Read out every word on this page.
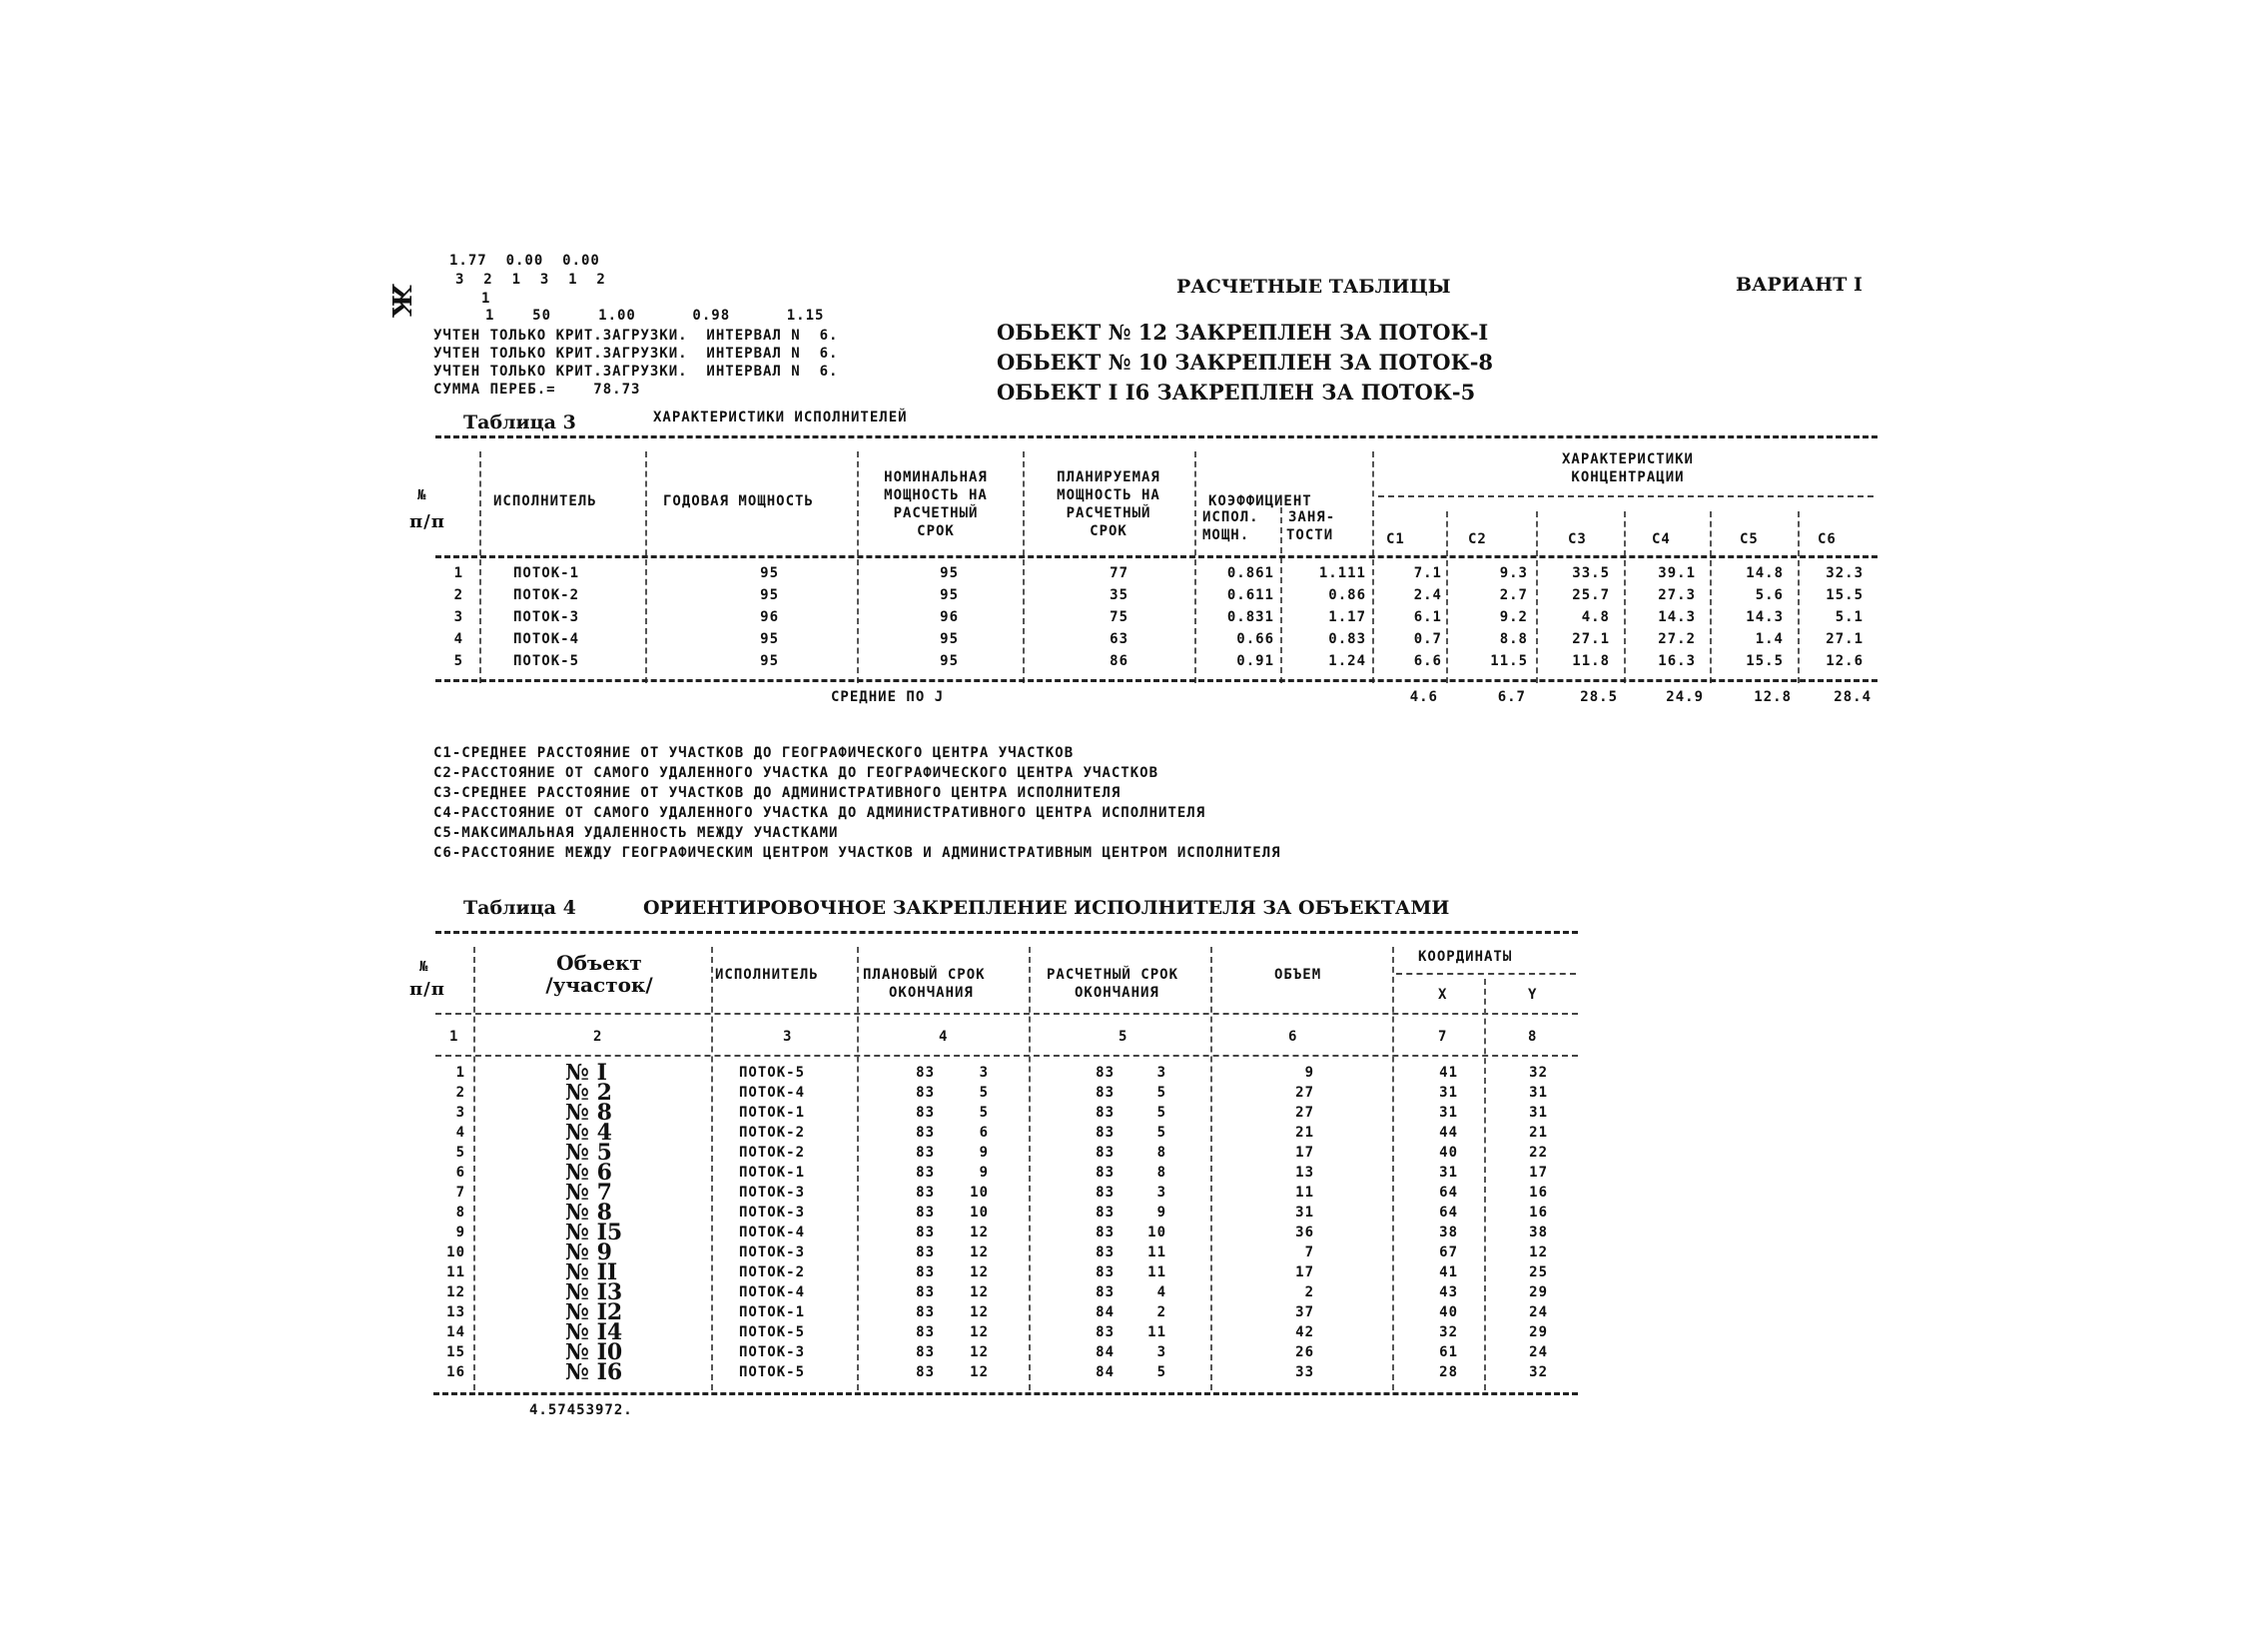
Ж
1.77  0.00  0.00
3  2  1  3  1  2
1
1    50     1.00      0.98      1.15
УЧТЕН ТОЛЬКО КРИТ.ЗАГРУЗКИ.  ИНТЕРВАЛ N  6.
УЧТЕН ТОЛЬКО КРИТ.ЗАГРУЗКИ.  ИНТЕРВАЛ N  6.
УЧТЕН ТОЛЬКО КРИТ.ЗАГРУЗКИ.  ИНТЕРВАЛ N  6.
СУММА ПЕРЕБ.=    78.73
РАСЧЕТНЫЕ ТАБЛИЦЫ	ВАРИАНТ I
ОБЬЕКТ № 12 ЗАКРЕПЛЕН ЗА ПОТОК-I
ОБЬЕКТ № 10 ЗАКРЕПЛЕН ЗА ПОТОК-8
ОБЬЕКТ I I6 ЗАКРЕПЛЕН ЗА ПОТОК-5
Таблица 3	ХАРАКТЕРИСТИКИ ИСПОЛНИТЕЛЕЙ
№
п/п
ИСПОЛНИТЕЛЬ	ГОДОВАЯ МОЩНОСТЬ
НОМИНАЛЬНАЯ
МОЩНОСТЬ НА
РАСЧЕТНЫЙ
СРОК
ПЛАНИРУЕМАЯ
МОЩНОСТЬ НА
РАСЧЕТНЫЙ
СРОК
КОЭФФИЦИЕНТ
ИСПОЛ. ЗАНЯ-
МОЩН.	ТОСТИ
ХАРАКТЕРИСТИКИ
КОНЦЕНТРАЦИИ
C1	C2	C3	C4	C5	C6
1	ПОТОК-1	95	95	77	0.861	1.111	7.1	9.3	33.5	39.1	14.8	32.3
2	ПОТОК-2	95	95	35	0.611	0.86	2.4	2.7	25.7	27.3	5.6	15.5
3	ПОТОК-3	96	96	75	0.831	1.17	6.1	9.2	4.8	14.3	14.3	5.1
4	ПОТОК-4	95	95	63	0.66	0.83	0.7	8.8	27.1	27.2	1.4	27.1
5	ПОТОК-5	95	95	86	0.91	1.24	6.6	11.5	11.8	16.3	15.5	12.6
СРЕДНИЕ ПО J	4.6	6.7	28.5	24.9	12.8	28.4
C1-СРЕДНЕЕ РАССТОЯНИЕ ОТ УЧАСТКОВ ДО ГЕОГРАФИЧЕСКОГО ЦЕНТРА УЧАСТКОВ
C2-РАССТОЯНИЕ ОТ САМОГО УДАЛЕННОГО УЧАСТКА ДО ГЕОГРАФИЧЕСКОГО ЦЕНТРА УЧАСТКОВ
C3-СРЕДНЕЕ РАССТОЯНИЕ ОТ УЧАСТКОВ ДО АДМИНИСТРАТИВНОГО ЦЕНТРА ИСПОЛНИТЕЛЯ
C4-РАССТОЯНИЕ ОТ САМОГО УДАЛЕННОГО УЧАСТКА ДО АДМИНИСТРАТИВНОГО ЦЕНТРА ИСПОЛНИТЕЛЯ
C5-МАКСИМАЛЬНАЯ УДАЛЕННОСТЬ МЕЖДУ УЧАСТКАМИ
C6-РАССТОЯНИЕ МЕЖДУ ГЕОГРАФИЧЕСКИМ ЦЕНТРОМ УЧАСТКОВ И АДМИНИСТРАТИВНЫМ ЦЕНТРОМ ИСПОЛНИТЕЛЯ
Таблица 4	ОРИЕНТИРОВОЧНОЕ ЗАКРЕПЛЕНИЕ ИСПОЛНИТЕЛЯ ЗА ОБЪЕКТАМИ
№
п/п
Объект
/участок/	ИСПОЛНИТЕЛЬ	ПЛАНОВЫЙ СРОК
ОКОНЧАНИЯ
РАСЧЕТНЫЙ СРОК
ОКОНЧАНИЯ
ОБЪЕМ
КООРДИНАТЫ
X	Y
1	2	3	4	5	6	7	8
1	№ I	ПОТОК-5	83	3	83	3	9	41	32
2	№ 2	ПОТОК-4	83	5	83	5	27	31	31
3	№ 8	ПОТОК-1	83	5	83	5	27	31	31
4	№ 4	ПОТОК-2	83	6	83	5	21	44	21
5	№ 5	ПОТОК-2	83	9	83	8	17	40	22
6	№ 6	ПОТОК-1	83	9	83	8	13	31	17
7	№ 7	ПОТОК-3	83	10	83	3	11	64	16
8	№ 8	ПОТОК-3	83	10	83	9	31	64	16
9	№ I5	ПОТОК-4	83	12	83	10	36	38	38
10	№ 9	ПОТОК-3	83	12	83	11	7	67	12
11	№ II	ПОТОК-2	83	12	83	11	17	41	25
12	№ I3	ПОТОК-4	83	12	83	4	2	43	29
13	№ I2	ПОТОК-1	83	12	84	2	37	40	24
14	№ I4	ПОТОК-5	83	12	83	11	42	32	29
15	№ I0	ПОТОК-3	83	12	84	3	26	61	24
16	№ I6	ПОТОК-5	83	12	84	5	33	28	32
4.57453972.
